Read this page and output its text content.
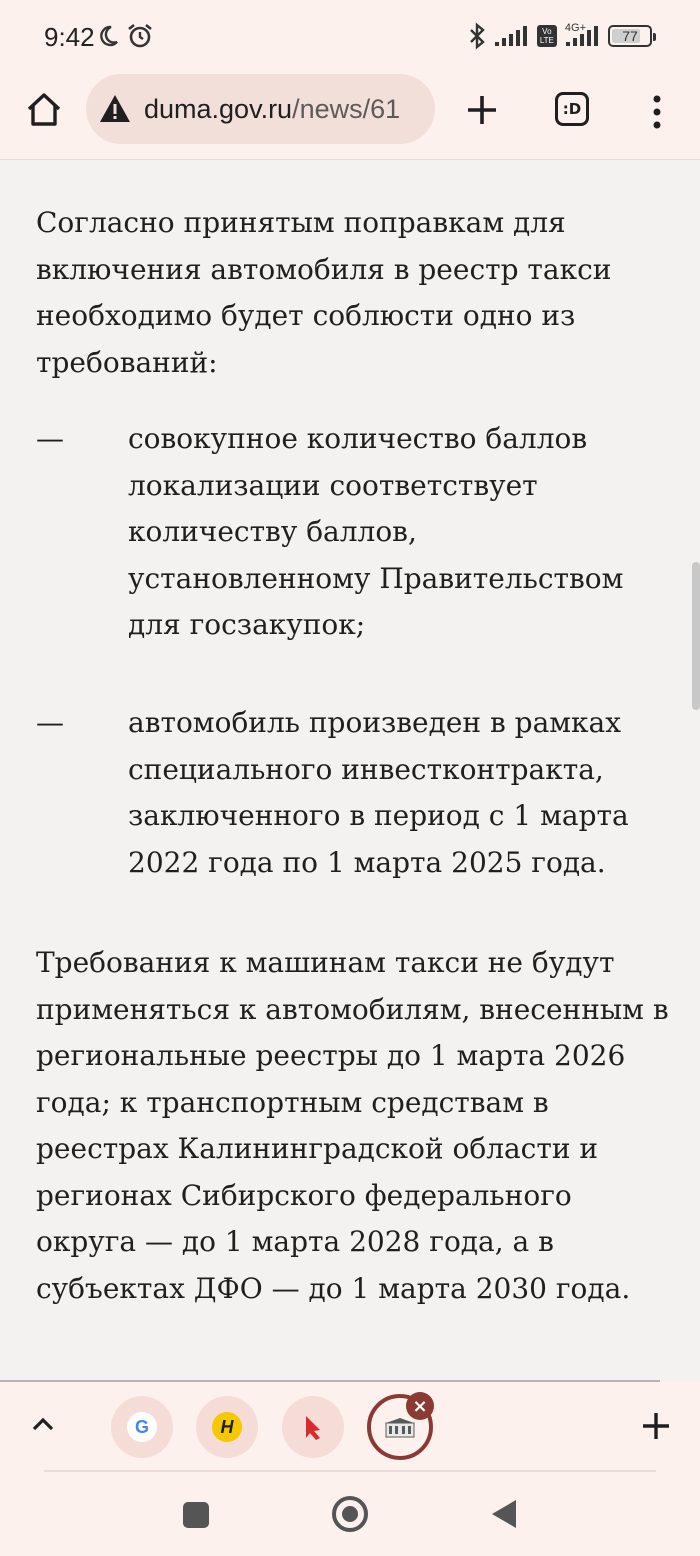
9:42	Vo
LTE
4G+	77
duma.gov.ru/news/61	:D

Согласно принятым поправкам для включения автомобиля в реестр такси необходимо будет соблюсти одно из требований:

— совокупное количество баллов локализации соответствует количеству баллов, установленному Правительством для госзакупок;
— автомобиль произведен в рамках специального инвестконтракта, заключенного в период с 1 марта 2022 года по 1 марта 2025 года.

Требования к машинам такси не будут применяться к автомобилям, внесенным в региональные реестры до 1 марта 2026 года; к транспортным средствам в реестрах Калининградской области и регионах Сибирского федерального округа — до 1 марта 2028 года, а в субъектах ДФО — до 1 марта 2030 года.

G	H
×
